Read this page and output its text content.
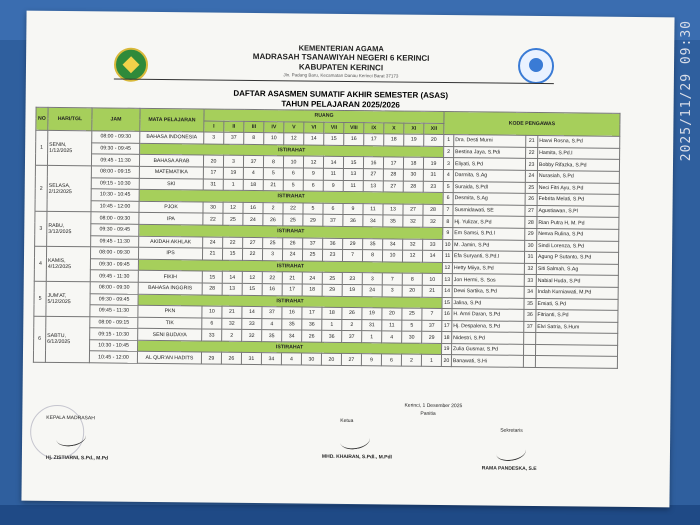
KEMENTERIAN AGAMA
MADRASAH TSANAWIYAH NEGERI 6 KERINCI
KABUPATEN KERINCI
Jln. Padang Baru, Kecamatan Danau Kerinci Barat 37173
DAFTAR ASASMEN SUMATIF AKHIR SEMESTER (ASAS)
TAHUN PELAJARAN 2025/2026
NO	HARI/TGL	JAM	MATA PELAJARAN	RUANG												KODE PENGAWAS			
				I	II	III	IV	V	VI	VII	VIII	IX	X	XI	XII				
1	SENIN,
1/12/2025	08:00 - 09:30	BAHASA INDONESIA	3	37	8	10	12	14	15	16	17	18	19	20	1	Dra. Desti Murni	21	Havvi Rosna, S.Pd
		09:30 - 09:45	ISTIRAHAT													2	Bestina Jaya, S.Pdi	22	Hamita, S.Pd.I
		09:45 - 11:30	BAHASA ARAB	20	3	37	8	10	12	14	15	16	17	18	19	3	Eliyati, S.Pd	23	Bobby Rifazka, S.Pd
2	SELASA,
2/12/2025	08:00 - 09:15	MATEMATIKA	17	19	4	5	6	9	11	13	27	28	30	31	4	Darmita, S.Ag	24	Nurasiah, S.Pd
		09:15 - 10:30	SKI	31	1	18	21	5	6	9	11	13	27	28	23	5	Suraida, S.Pdl	25	Neci Fitri Ayu, S.Pd
		10:30 - 10:45	ISTIRAHAT													6	Desmita, S.Ag	26	Febrita Melati, S.Pd
		10:45 - 12:00	PJOK	30	12	16	2	22	5	6	9	11	13	27	28	7	Susmidawati, SE	27	Agustiawan, S.Pl
3	RABU,
3/12/2025	08:00 - 09:30	IPA	22	25	24	26	25	29	37	36	34	35	32	32	8	Hj. Yulizar, S.Pd	28	Rian Putra H, M. Pd
		09:30 - 09:45	ISTIRAHAT													9	Em Samsi, S.Pd.I	29	Nesva Rulina, S.Pd
		09:45 - 11:30	AKIDAH AKHLAK	24	22	27	25	26	37	36	29	35	34	32	33	10	M. Jamin, S.Pd	30	Sindi Lorenza, S.Pd
4	KAMIS,
4/12/2025	08:00 - 09:30	IPS	21	15	22	3	24	25	23	7	8	10	12	14	11	Efa Suryanti, S.Pd.I	31	Agung P Sutanto, S.Pd
		09:30 - 09:45	ISTIRAHAT													12	Hetty Miiya, S.Pd	32	Siti Salmah, S.Ag
		09:45 - 11:30	FIKIH	15	14	12	22	21	24	25	23	3	7	8	10	13	Jon Hermi, S. Sos	33	Nabial Huda, S.Pd
5	JUM'AT,
5/12/2025	08:00 - 09:30	BAHASA INGGRIS	28	13	15	16	17	18	29	19	24	3	20	21	14	Dewi Sartika, S.Pd	34	Indah Kurniawati, M.Pd
		09:30 - 09:45	ISTIRAHAT													15	Jalina, S.Pd	35	Emiati, S.Pd
		09:45 - 11:30	PKN	10	21	14	37	16	17	18	26	19	20	25	7	16	H. Amri Daran, S.Pd	36	Fitrianti, S.Pd
6	SABTU,
6/12/2025	08:00 - 09:15	TIK	6	32	33	4	35	36	1	2	31	11	5	37	17	Hj. Despalena, S.Pd	37	Elvi Satria, S.Hum
		09:15 - 10:30	SENI BUDAYA	33	2	32	35	34	26	36	37	1	4	30	29	18	Nidestri, S.Pd		
		10:30 - 10:45	ISTIRAHAT													19	Zulia Gusmar, S.Pd		
		10:45 - 12:00	AL QUR'AN HADITS	29	26	31	34	4	30	20	27	9	6	2	1	20	Banawati, S.Hi		
KEPALA MADRASAH
Hj. ZISTIARNI, S.Pd., M.Pd
Kerinci, 1 Desember 2025
Panitia
Ketua
MHD. KHAIRAN, S.Pdl., M.Pdl
Sekretaris
RAMA PANDESKA, S.E
2025/11/29 09:30
